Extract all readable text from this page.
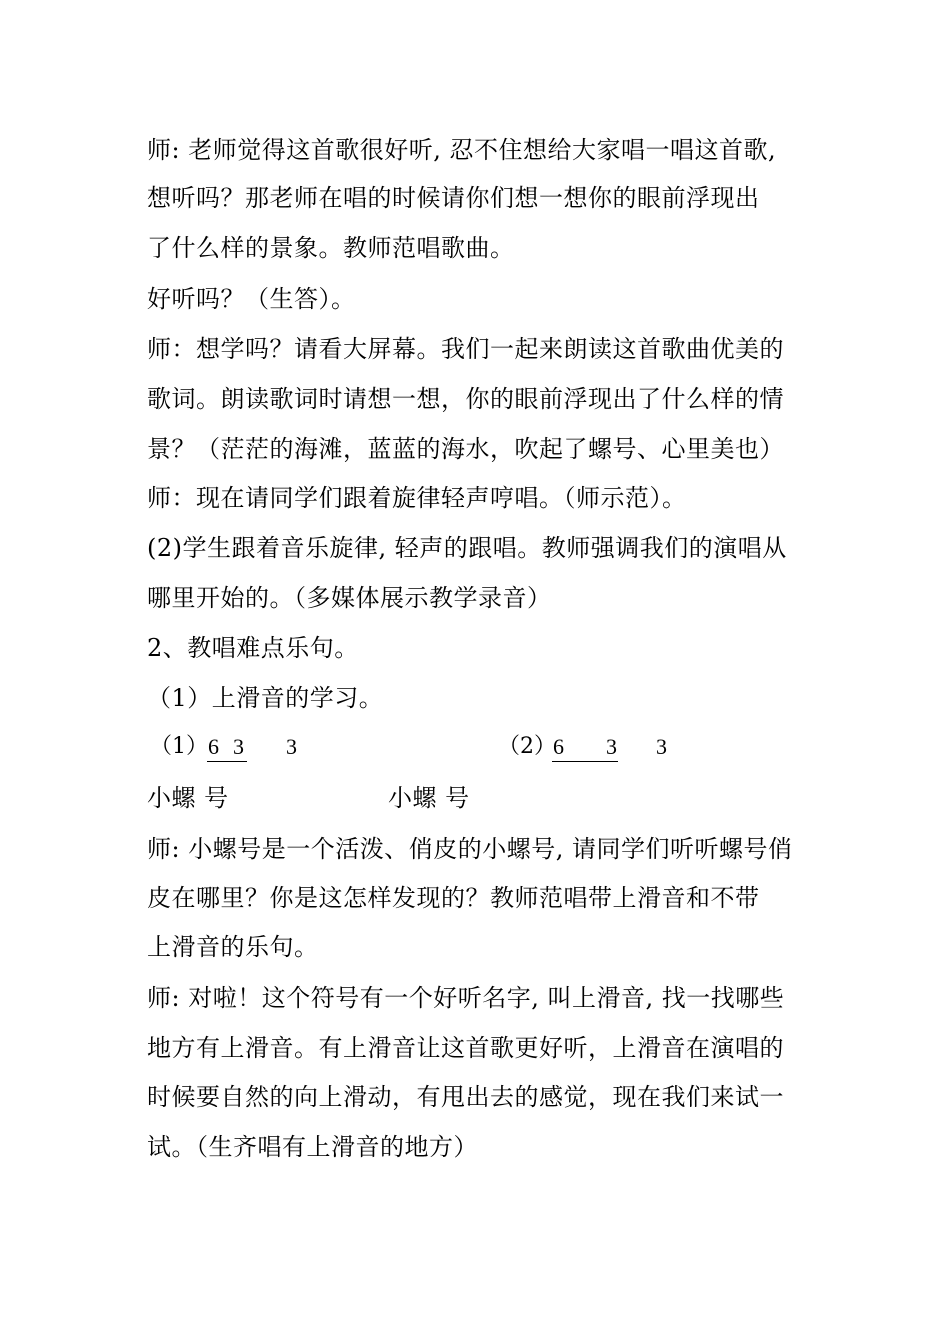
师: 老师觉得这首歌很好听, 忍不住想给大家唱一唱这首歌,
想听吗？那老师在唱的时候请你们想一想你的眼前浮现出
了什么样的景象。教师范唱歌曲。
好听吗？（生答）。
师：想学吗？请看大屏幕。我们一起来朗读这首歌曲优美的
歌词。朗读歌词时请想一想，你的眼前浮现出了什么样的情
景？（茫茫的海滩，蓝蓝的海水，吹起了螺号、心里美也）
师：现在请同学们跟着旋律轻声哼唱。（师示范）。
(2)学生跟着音乐旋律, 轻声的跟唱。教师强调我们的演唱从
哪里开始的。（多媒体展示教学录音）
2、教唱难点乐句。
（1）上滑音的学习。
（1） 6 3 3	（2）
6 3 3
小螺 号	小螺 号
师: 小螺号是一个活泼、俏皮的小螺号, 请同学们听听螺号俏
皮在哪里？你是这怎样发现的？教师范唱带上滑音和不带
上滑音的乐句。
师: 对啦！这个符号有一个好听名字, 叫上滑音, 找一找哪些
地方有上滑音。有上滑音让这首歌更好听，上滑音在演唱的
时候要自然的向上滑动，有甩出去的感觉，现在我们来试一
试。（生齐唱有上滑音的地方）
